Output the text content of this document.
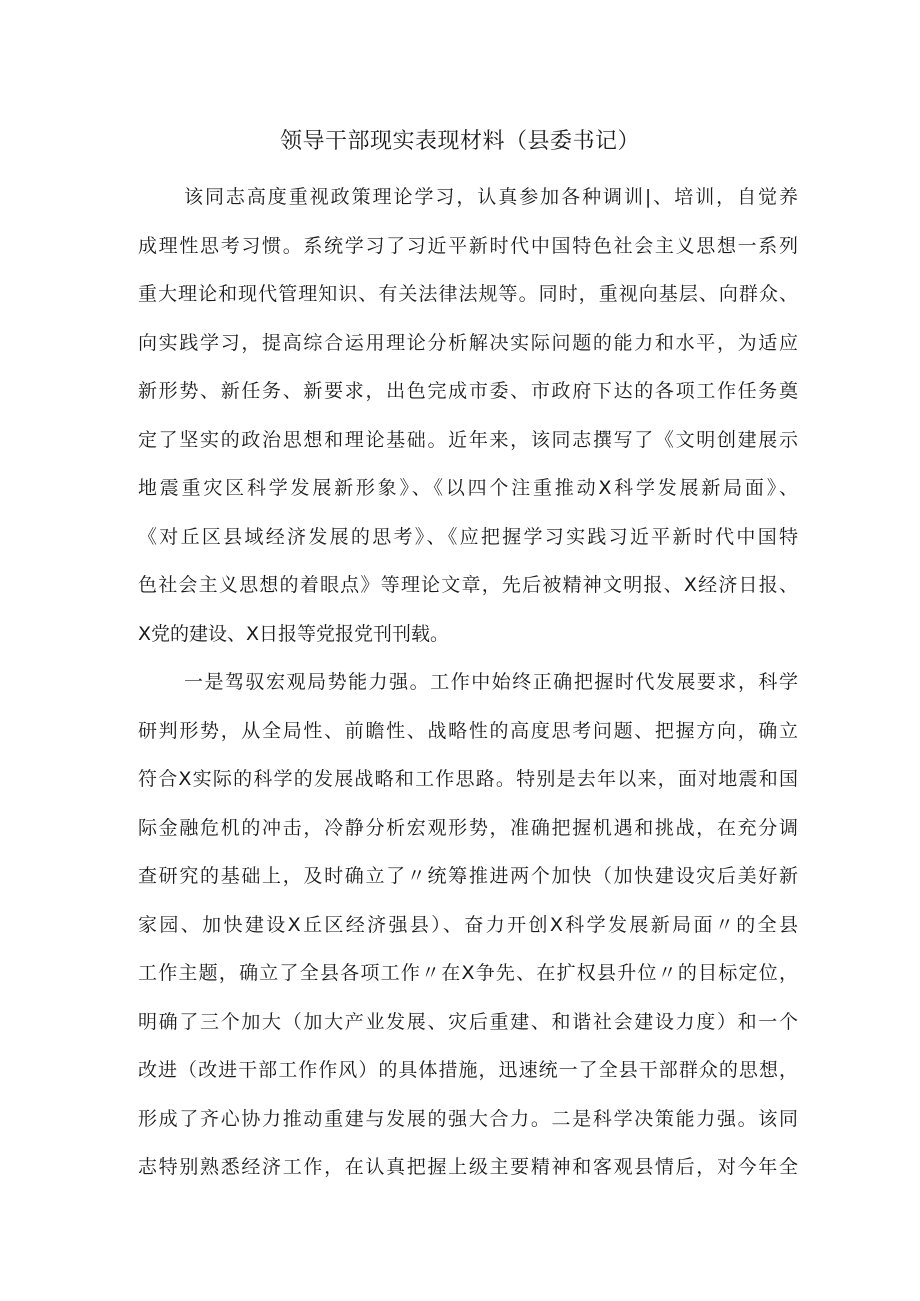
领导干部现实表现材料（县委书记）
该同志高度重视政策理论学习，认真参加各种调训|、培训，自觉养
成理性思考习惯。系统学习了习近平新时代中国特色社会主义思想一系列
重大理论和现代管理知识、有关法律法规等。同时，重视向基层、向群众、
向实践学习，提高综合运用理论分析解决实际问题的能力和水平，为适应
新形势、新任务、新要求，出色完成市委、市政府下达的各项工作任务奠
定了坚实的政治思想和理论基础。近年来，该同志撰写了《文明创建展示
地震重灾区科学发展新形象》、《以四个注重推动X科学发展新局面》、
《对丘区县域经济发展的思考》、《应把握学习实践习近平新时代中国特
色社会主义思想的着眼点》等理论文章，先后被精神文明报、X经济日报、
X党的建设、X日报等党报党刊刊载。
一是驾驭宏观局势能力强。工作中始终正确把握时代发展要求，科学
研判形势，从全局性、前瞻性、战略性的高度思考问题、把握方向，确立
符合X实际的科学的发展战略和工作思路。特别是去年以来，面对地震和国
际金融危机的冲击，冷静分析宏观形势，准确把握机遇和挑战，在充分调
查研究的基础上，及时确立了〃统筹推进两个加快（加快建设灾后美好新
家园、加快建设X丘区经济强县）、奋力开创X科学发展新局面〃的全县
工作主题，确立了全县各项工作〃在X争先、在扩权县升位〃的目标定位，
明确了三个加大（加大产业发展、灾后重建、和谐社会建设力度）和一个
改进（改进干部工作作风）的具体措施，迅速统一了全县干部群众的思想，
形成了齐心协力推动重建与发展的强大合力。二是科学决策能力强。该同
志特别熟悉经济工作，在认真把握上级主要精神和客观县情后，对今年全
